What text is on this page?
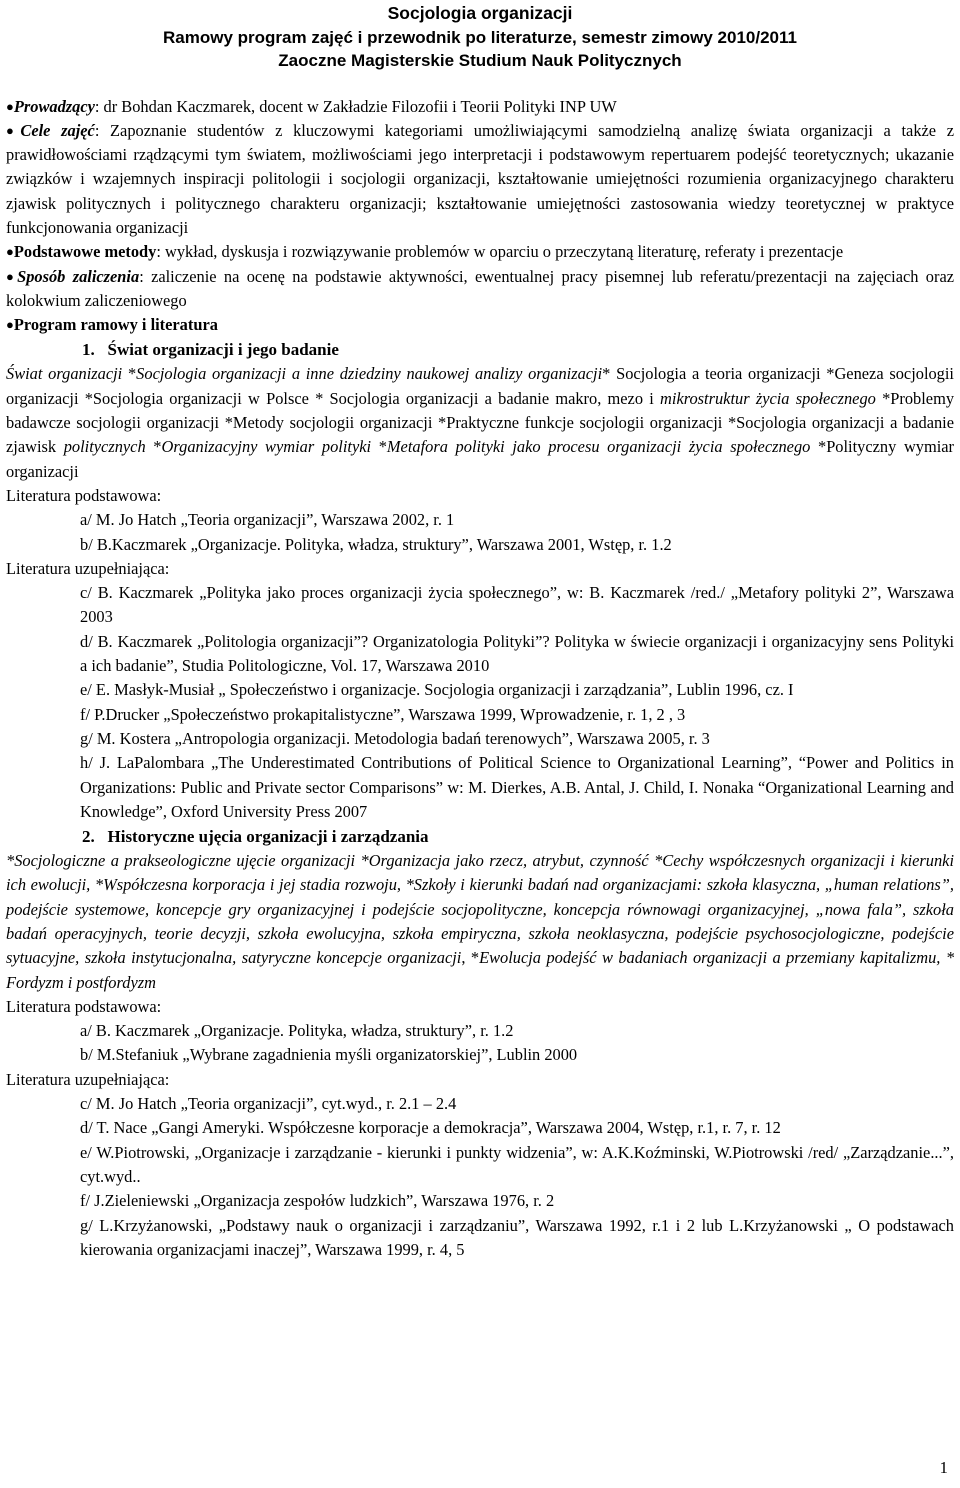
Socjologia organizacji
Ramowy program zajęć i przewodnik po literaturze, semestr zimowy 2010/2011
Zaoczne Magisterskie Studium Nauk Politycznych

●Prowadzący: dr Bohdan Kaczmarek, docent w Zakładzie Filozofii i Teorii Polityki INP UW

●Cele zajęć: Zapoznanie studentów z kluczowymi kategoriami umożliwiającymi samodzielną analizę świata organizacji a także z prawidłowościami rządzącymi tym światem, możliwościami jego interpretacji i podstawowym repertuarem podejść teoretycznych; ukazanie związków i wzajemnych inspiracji politologii i socjologii organizacji, kształtowanie umiejętności rozumienia organizacyjnego charakteru zjawisk politycznych i politycznego charakteru organizacji; kształtowanie umiejętności zastosowania wiedzy teoretycznej w praktyce funkcjonowania organizacji

●Podstawowe metody: wykład, dyskusja i rozwiązywanie problemów w oparciu o przeczytaną literaturę, referaty i prezentacje

●Sposób zaliczenia: zaliczenie na ocenę na podstawie aktywności, ewentualnej pracy pisemnej lub referatu/prezentacji na zajęciach oraz kolokwium zaliczeniowego

●Program ramowy i literatura

1. Świat organizacji i jego badanie

Świat organizacji *Socjologia organizacji a inne dziedziny naukowej analizy organizacji* Socjologia a teoria organizacji *Geneza socjologii organizacji *Socjologia organizacji w Polsce * Socjologia organizacji a badanie makro, mezo i mikrostruktur życia społecznego *Problemy badawcze socjologii organizacji *Metody socjologii organizacji *Praktyczne funkcje socjologii organizacji *Socjologia organizacji a badanie zjawisk politycznych *Organizacyjny wymiar polityki *Metafora polityki jako procesu organizacji życia społecznego *Polityczny wymiar organizacji

Literatura podstawowa:
a/ M. Jo Hatch „Teoria organizacji”, Warszawa 2002, r. 1
b/ B.Kaczmarek „Organizacje. Polityka, władza, struktury”, Warszawa 2001, Wstęp, r. 1.2
Literatura uzupełniająca:
c/ B. Kaczmarek „Polityka jako proces organizacji życia społecznego”, w: B. Kaczmarek /red./ „Metafory polityki 2”, Warszawa 2003
d/ B. Kaczmarek „Politologia organizacji”? Organizatologia Polityki”? Polityka w świecie organizacji i organizacyjny sens Polityki a ich badanie”, Studia Politologiczne, Vol. 17, Warszawa 2010
e/ E. Masłyk-Musiał „ Społeczeństwo i organizacje. Socjologia organizacji i zarządzania”, Lublin 1996, cz. I
f/ P.Drucker „Społeczeństwo prokapitalistyczne”, Warszawa 1999, Wprowadzenie, r. 1, 2 , 3
g/ M. Kostera „Antropologia organizacji. Metodologia badań terenowych”, Warszawa 2005, r. 3
h/ J. LaPalombara „The Underestimated Contributions of Political Science to Organizational Learning”, “Power and Politics in Organizations: Public and Private sector Comparisons” w: M. Dierkes, A.B. Antal, J. Child, I. Nonaka “Organizational Learning and Knowledge”, Oxford University Press 2007
2. Historyczne ujęcia organizacji i zarządzania

*Socjologiczne a prakseologiczne ujęcie organizacji *Organizacja jako rzecz, atrybut, czynność *Cechy współczesnych organizacji i kierunki ich ewolucji, *Współczesna korporacja i jej stadia rozwoju, *Szkoły i kierunki badań nad organizacjami: szkoła klasyczna, „human relations”, podejście systemowe, koncepcje gry organizacyjnej i podejście socjopolityczne, koncepcja równowagi organizacyjnej, „nowa fala”, szkoła badań operacyjnych, teorie decyzji, szkoła ewolucyjna, szkoła empiryczna, szkoła neoklasyczna, podejście psychosocjologiczne, podejście sytuacyjne, szkoła instytucjonalna, satyryczne koncepcje organizacji, *Ewolucja podejść w badaniach organizacji a przemiany kapitalizmu, * Fordyzm i postfordyzm

Literatura podstawowa:
a/ B. Kaczmarek „Organizacje. Polityka, władza, struktury”, r. 1.2
b/ M.Stefaniuk „Wybrane zagadnienia myśli organizatorskiej”, Lublin 2000
Literatura uzupełniająca:
c/ M. Jo Hatch „Teoria organizacji”, cyt.wyd., r. 2.1 – 2.4
d/ T. Nace „Gangi Ameryki. Współczesne korporacje a demokracja”, Warszawa 2004, Wstęp, r.1, r. 7, r. 12
e/ W.Piotrowski, „Organizacje i zarządzanie - kierunki i punkty widzenia”, w: A.K.Koźminski, W.Piotrowski /red/ „Zarządzanie...”, cyt.wyd..
f/ J.Zieleniewski „Organizacja zespołów ludzkich”, Warszawa 1976, r. 2
g/ L.Krzyżanowski, „Podstawy nauk o organizacji i zarządzaniu”, Warszawa 1992, r.1 i 2 lub L.Krzyżanowski „ O podstawach kierowania organizacjami inaczej”, Warszawa 1999, r. 4, 5
1
